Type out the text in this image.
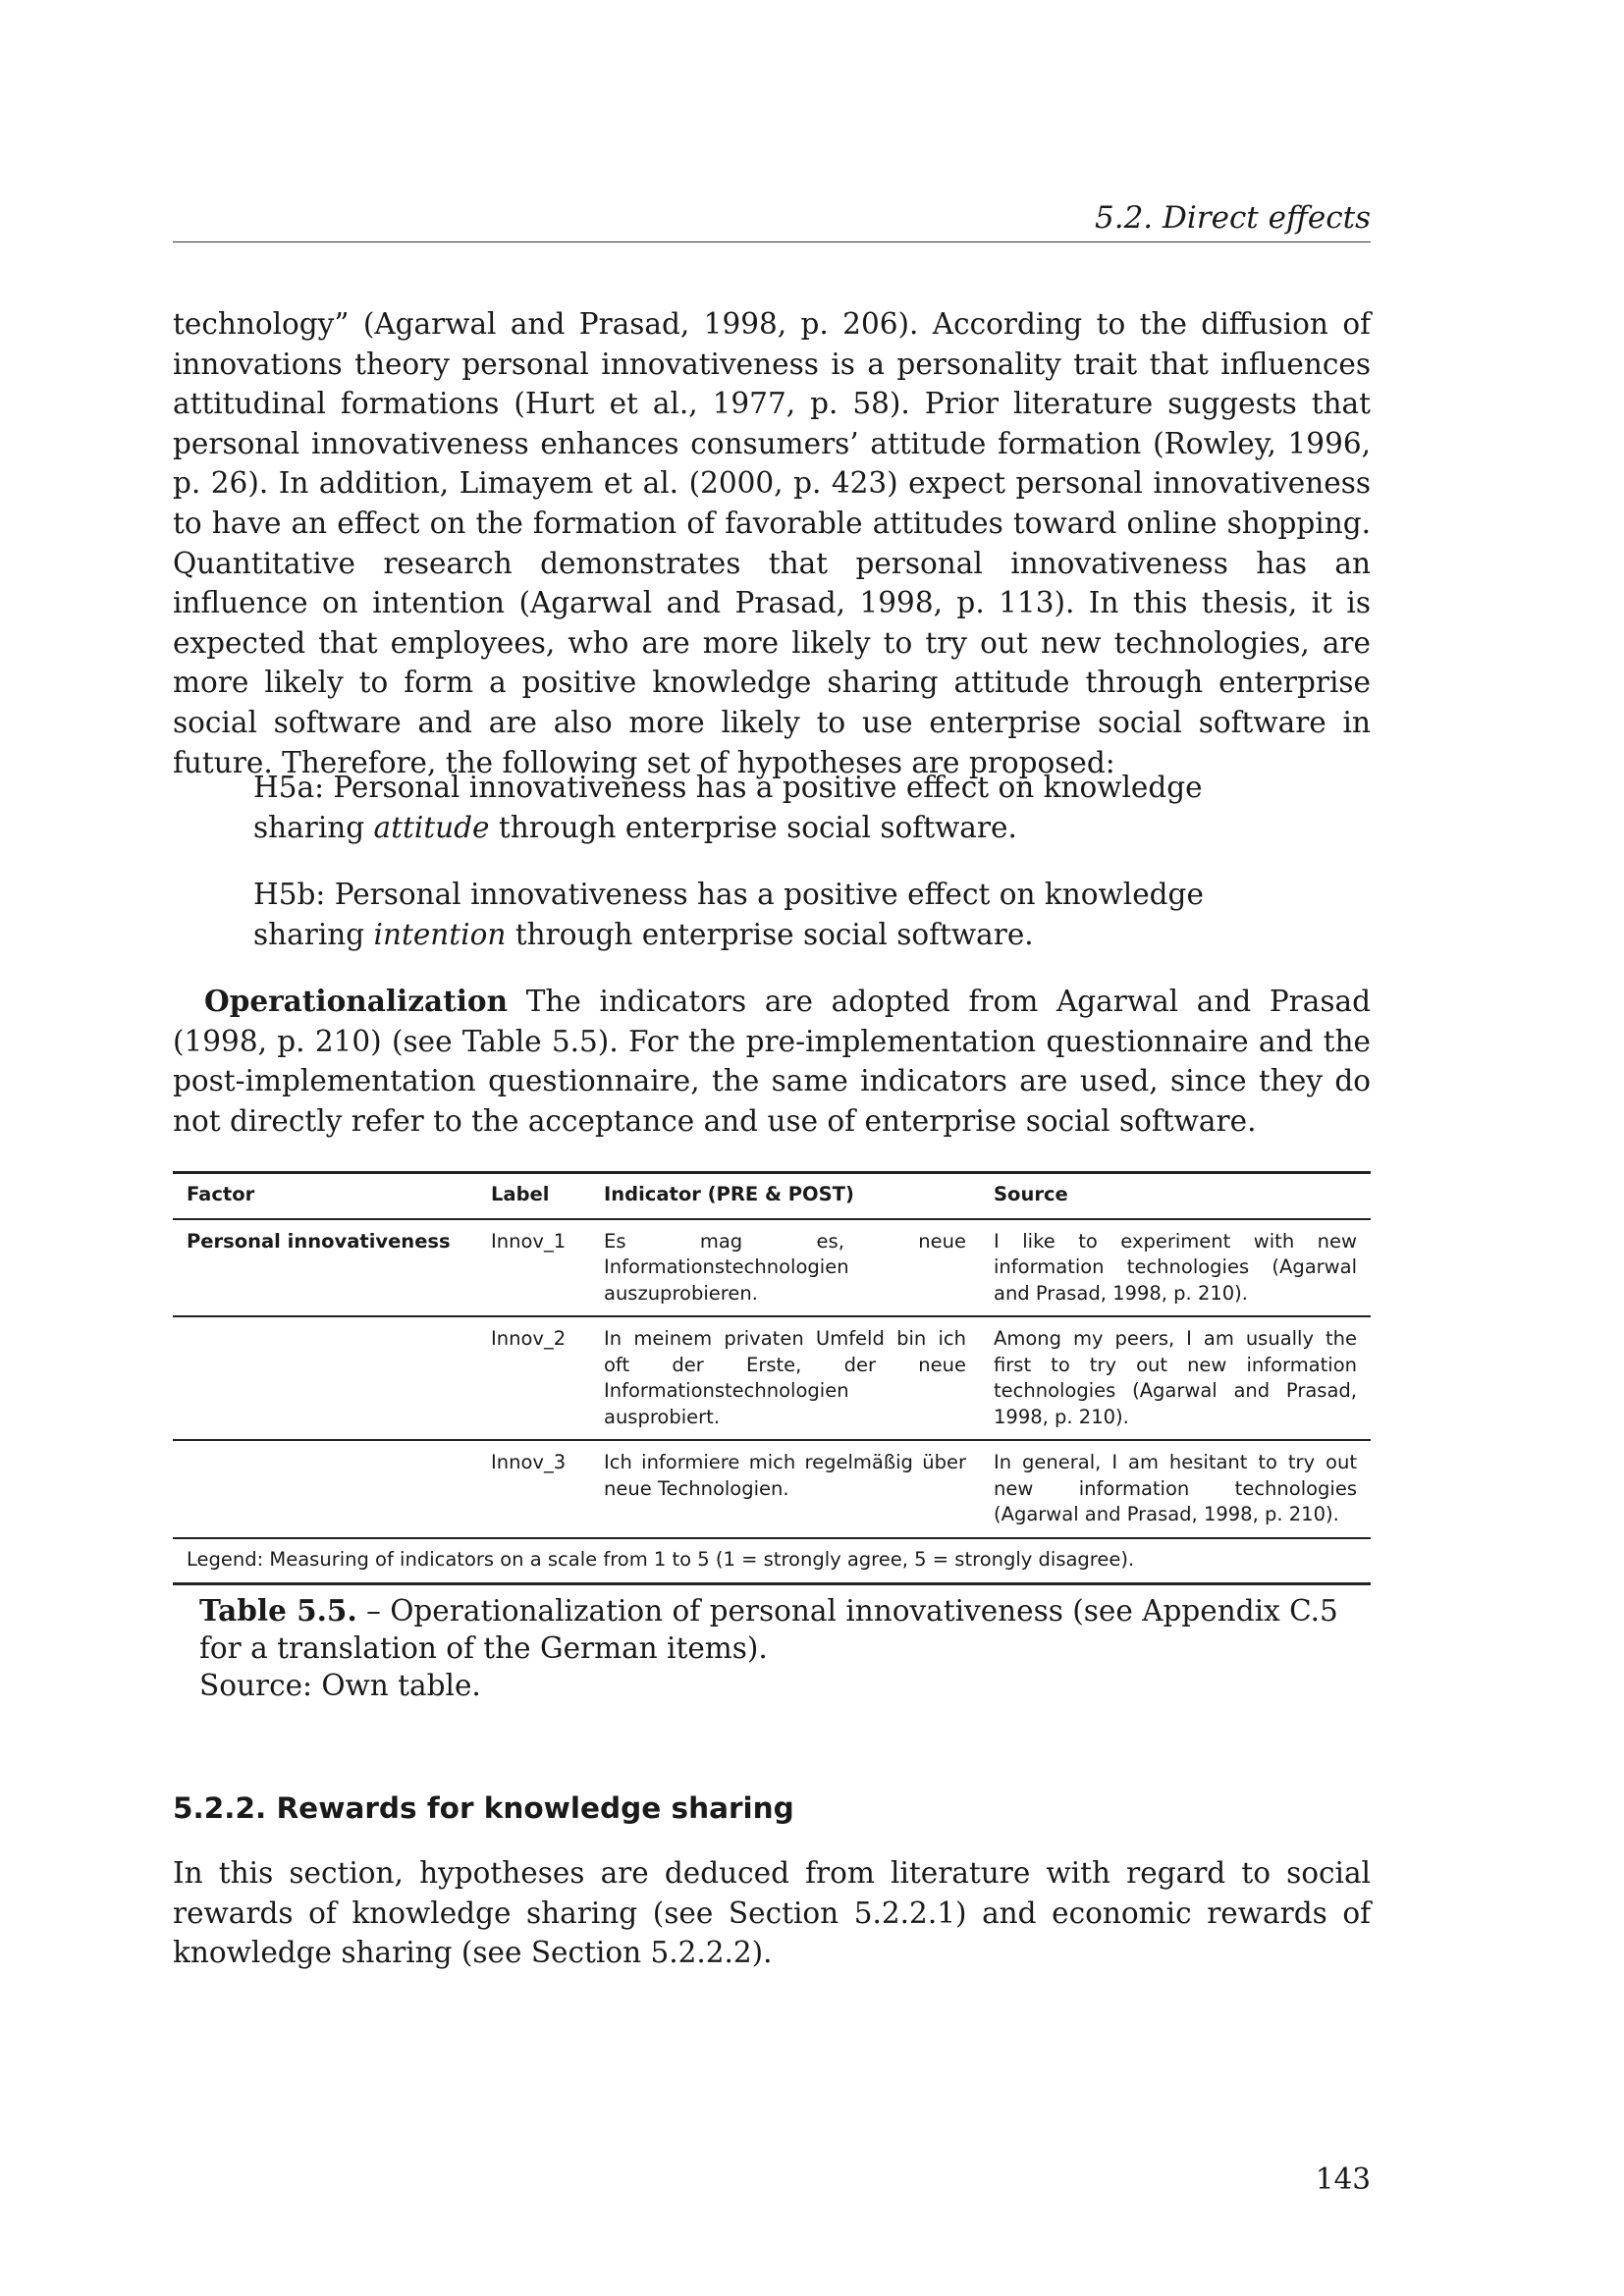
5.2. Direct effects

technology” (Agarwal and Prasad, 1998, p. 206). According to the diffusion of innovations theory personal innovativeness is a personality trait that influences attitudinal formations (Hurt et al., 1977, p. 58). Prior literature suggests that personal innovativeness enhances consumers’ attitude formation (Rowley, 1996, p. 26). In addition, Limayem et al. (2000, p. 423) expect personal innovativeness to have an effect on the formation of favorable attitudes toward online shopping. Quantitative research demonstrates that personal innovativeness has an influence on intention (Agarwal and Prasad, 1998, p. 113). In this thesis, it is expected that employees, who are more likely to try out new technologies, are more likely to form a positive knowledge sharing attitude through enterprise social software and are also more likely to use enterprise social software in future. Therefore, the following set of hypotheses are proposed:

H5a: Personal innovativeness has a positive effect on knowledge sharing attitude through enterprise social software.

H5b: Personal innovativeness has a positive effect on knowledge sharing intention through enterprise social software.

Operationalization The indicators are adopted from Agarwal and Prasad (1998, p. 210) (see Table 5.5). For the pre-implementation questionnaire and the post-implementation questionnaire, the same indicators are used, since they do not directly refer to the acceptance and use of enterprise social software.

Factor	Label	Indicator (PRE & POST)	Source
Personal innovativeness	Innov_1	Es mag es, neue Informationstechnologien auszuprobieren.	I like to experiment with new information technologies (Agarwal and Prasad, 1998, p. 210).
	Innov_2	In meinem privaten Umfeld bin ich oft der Erste, der neue Informationstechnologien ausprobiert.	Among my peers, I am usually the first to try out new information technologies (Agarwal and Prasad, 1998, p. 210).
	Innov_3	Ich informiere mich regelmäßig über neue Technologien.	In general, I am hesitant to try out new information technologies (Agarwal and Prasad, 1998, p. 210).
Legend: Measuring of indicators on a scale from 1 to 5 (1 = strongly agree, 5 = strongly disagree).			
Table 5.5. – Operationalization of personal innovativeness (see Appendix C.5 for a translation of the German items).
Source: Own table.
5.2.2. Rewards for knowledge sharing

In this section, hypotheses are deduced from literature with regard to social rewards of knowledge sharing (see Section 5.2.2.1) and economic rewards of knowledge sharing (see Section 5.2.2.2).

143
